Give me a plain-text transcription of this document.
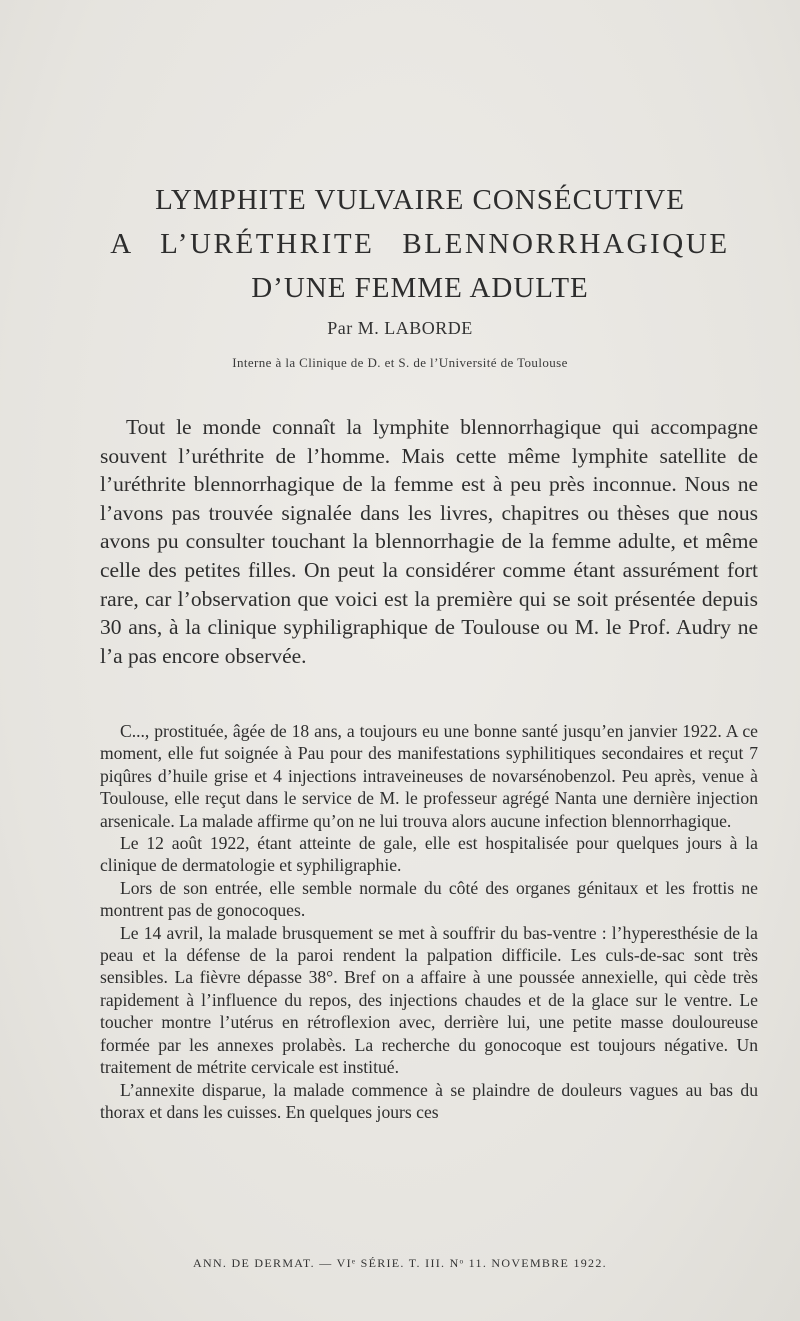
LYMPHITE VULVAIRE CONSÉCUTIVE
A L’URÉTHRITE BLENNORRHAGIQUE
D’UNE FEMME ADULTE
Par M. LABORDE
Interne à la Clinique de D. et S. de l’Université de Toulouse
Tout le monde connaît la lymphite blennorrhagique qui accompagne souvent l’uréthrite de l’homme. Mais cette même lymphite satellite de l’uréthrite blennorrhagique de la femme est à peu près inconnue. Nous ne l’avons pas trouvée signalée dans les livres, chapitres ou thèses que nous avons pu consulter touchant la blennorrhagie de la femme adulte, et même celle des petites filles. On peut la considérer comme étant assurément fort rare, car l’observation que voici est la première qui se soit présentée depuis 30 ans, à la clinique syphiligraphique de Toulouse ou M. le Prof. Audry ne l’a pas encore observée.

C..., prostituée, âgée de 18 ans, a toujours eu une bonne santé jusqu’en janvier 1922. A ce moment, elle fut soignée à Pau pour des manifestations syphilitiques secondaires et reçut 7 piqûres d’huile grise et 4 injections intraveineuses de novarsénobenzol. Peu après, venue à Toulouse, elle reçut dans le service de M. le professeur agrégé Nanta une dernière injection arsenicale. La malade affirme qu’on ne lui trouva alors aucune infection blennorrhagique.

Le 12 août 1922, étant atteinte de gale, elle est hospitalisée pour quelques jours à la clinique de dermatologie et syphiligraphie.

Lors de son entrée, elle semble normale du côté des organes génitaux et les frottis ne montrent pas de gonocoques.

Le 14 avril, la malade brusquement se met à souffrir du bas-ventre : l’hyperesthésie de la peau et la défense de la paroi rendent la palpation difficile. Les culs-de-sac sont très sensibles. La fièvre dépasse 38°. Bref on a affaire à une poussée annexielle, qui cède très rapidement à l’influence du repos, des injections chaudes et de la glace sur le ventre. Le toucher montre l’utérus en rétroflexion avec, derrière lui, une petite masse douloureuse formée par les annexes prolabès. La recherche du gonocoque est toujours négative. Un traitement de métrite cervicale est institué.

L’annexite disparue, la malade commence à se plaindre de douleurs vagues au bas du thorax et dans les cuisses. En quelques jours ces

ANN. DE DERMAT. — VIᵉ SÉRIE. T. III. Nᵒ 11. NOVEMBRE 1922.
